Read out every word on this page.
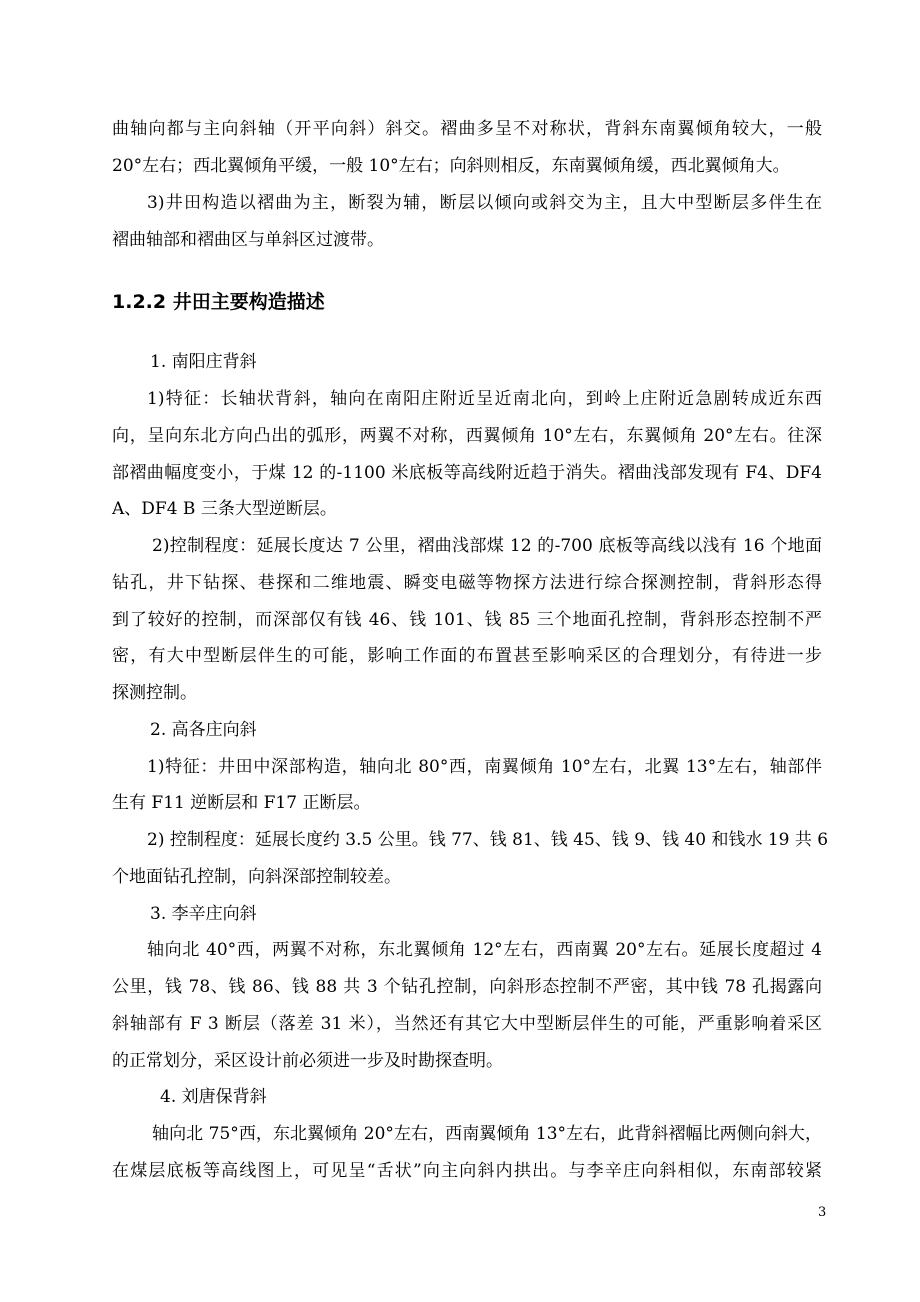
曲轴向都与主向斜轴（开平向斜）斜交。褶曲多呈不对称状，背斜东南翼倾角较大，一般
20°左右；西北翼倾角平缓，一般 10°左右；向斜则相反，东南翼倾角缓，西北翼倾角大。
3)井田构造以褶曲为主，断裂为辅，断层以倾向或斜交为主，且大中型断层多伴生在
褶曲轴部和褶曲区与单斜区过渡带。
1.2.2 井田主要构造描述
1. 南阳庄背斜
1)特征：长轴状背斜，轴向在南阳庄附近呈近南北向，到岭上庄附近急剧转成近东西
向，呈向东北方向凸出的弧形，两翼不对称，西翼倾角 10°左右，东翼倾角 20°左右。往深
部褶曲幅度变小，于煤 12 的-1100 米底板等高线附近趋于消失。褶曲浅部发现有 F4、DF4
A、DF4 B 三条大型逆断层。
2)控制程度：延展长度达 7 公里，褶曲浅部煤 12 的-700 底板等高线以浅有 16 个地面
钻孔，井下钻探、巷探和二维地震、瞬变电磁等物探方法进行综合探测控制，背斜形态得
到了较好的控制，而深部仅有钱 46、钱 101、钱 85 三个地面孔控制，背斜形态控制不严
密，有大中型断层伴生的可能，影响工作面的布置甚至影响采区的合理划分，有待进一步
探测控制。
2. 高各庄向斜
1)特征：井田中深部构造，轴向北 80°西，南翼倾角 10°左右，北翼 13°左右，轴部伴
生有 F11 逆断层和 F17 正断层。
2) 控制程度：延展长度约 3.5 公里。钱 77、钱 81、钱 45、钱 9、钱 40 和钱水 19 共 6
个地面钻孔控制，向斜深部控制较差。
3. 李辛庄向斜
轴向北 40°西，两翼不对称，东北翼倾角 12°左右，西南翼 20°左右。延展长度超过 4
公里，钱 78、钱 86、钱 88 共 3 个钻孔控制，向斜形态控制不严密，其中钱 78 孔揭露向
斜轴部有 F 3 断层（落差 31 米），当然还有其它大中型断层伴生的可能，严重影响着采区
的正常划分，采区设计前必须进一步及时勘探查明。
4. 刘唐保背斜
轴向北 75°西，东北翼倾角 20°左右，西南翼倾角 13°左右，此背斜褶幅比两侧向斜大，
在煤层底板等高线图上，可见呈“舌状”向主向斜内拱出。与李辛庄向斜相似，东南部较紧
3
